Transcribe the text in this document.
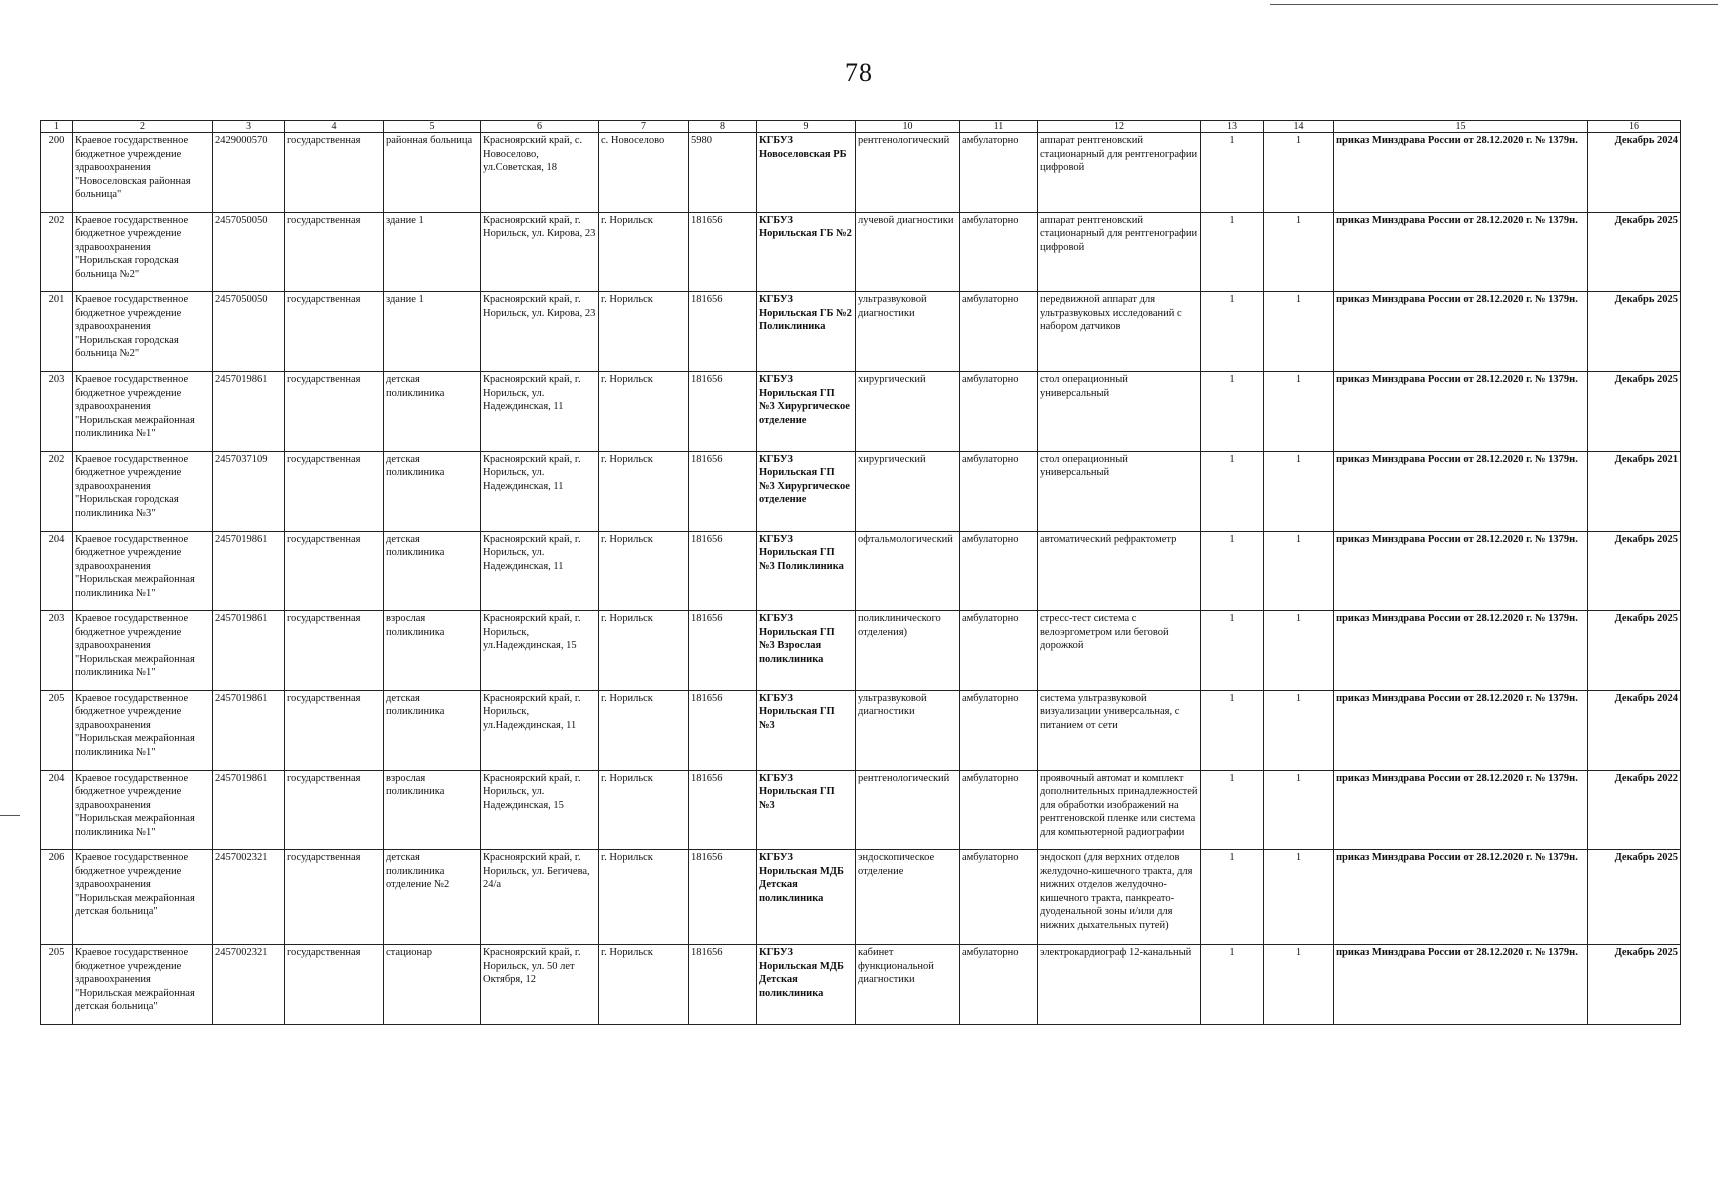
78
1	2	3	4	5	6	7	8	9	10	11	12	13	14	15	16
200	Краевое государственное бюджетное учреждение здравоохранения "Новоселовская районная больница"	2429000570	государственная	районная больница	Красноярский край, с. Новоселово, ул.Советская, 18	с. Новоселово	5980	КГБУЗ Новоселовская РБ	рентгенологический	амбулаторно	аппарат рентгеновский стационарный для рентгенографии цифровой	1	1	приказ Минздрава России от 28.12.2020 г. № 1379н.	Декабрь 2024
202	Краевое государственное бюджетное учреждение здравоохранения "Норильская городская больница №2"	2457050050	государственная	здание 1	Красноярский край, г. Норильск, ул. Кирова, 23	г. Норильск	181656	КГБУЗ Норильская ГБ №2	лучевой диагностики	амбулаторно	аппарат рентгеновский стационарный для рентгенографии цифровой	1	1	приказ Минздрава России от 28.12.2020 г. № 1379н.	Декабрь 2025
201	Краевое государственное бюджетное учреждение здравоохранения "Норильская городская больница №2"	2457050050	государственная	здание 1	Красноярский край, г. Норильск, ул. Кирова, 23	г. Норильск	181656	КГБУЗ Норильская ГБ №2 Поликлиника	ультразвуковой диагностики	амбулаторно	передвижной аппарат для ультразвуковых исследований с набором датчиков	1	1	приказ Минздрава России от 28.12.2020 г. № 1379н.	Декабрь 2025
203	Краевое государственное бюджетное учреждение здравоохранения "Норильская межрайонная поликлиника №1"	2457019861	государственная	детская поликлиника	Красноярский край, г. Норильск, ул. Надеждинская, 11	г. Норильск	181656	КГБУЗ Норильская ГП №3 Хирургическое отделение	хирургический	амбулаторно	стол операционный универсальный	1	1	приказ Минздрава России от 28.12.2020 г. № 1379н.	Декабрь 2025
202	Краевое государственное бюджетное учреждение здравоохранения "Норильская городская поликлиника №3"	2457037109	государственная	детская поликлиника	Красноярский край, г. Норильск, ул. Надеждинская, 11	г. Норильск	181656	КГБУЗ Норильская ГП №3 Хирургическое отделение	хирургический	амбулаторно	стол операционный универсальный	1	1	приказ Минздрава России от 28.12.2020 г. № 1379н.	Декабрь 2021
204	Краевое государственное бюджетное учреждение здравоохранения "Норильская межрайонная поликлиника №1"	2457019861	государственная	детская поликлиника	Красноярский край, г. Норильск, ул. Надеждинская, 11	г. Норильск	181656	КГБУЗ Норильская ГП №3 Поликлиника	офтальмологический	амбулаторно	автоматический рефрактометр	1	1	приказ Минздрава России от 28.12.2020 г. № 1379н.	Декабрь 2025
203	Краевое государственное бюджетное учреждение здравоохранения "Норильская межрайонная поликлиника №1"	2457019861	государственная	взрослая поликлиника	Красноярский край, г. Норильск, ул.Надеждинская, 15	г. Норильск	181656	КГБУЗ Норильская ГП №3 Взрослая поликлиника	поликлинического отделения)	амбулаторно	стресс-тест система с велоэргометром или беговой дорожкой	1	1	приказ Минздрава России от 28.12.2020 г. № 1379н.	Декабрь 2025
205	Краевое государственное бюджетное учреждение здравоохранения "Норильская межрайонная поликлиника №1"	2457019861	государственная	детская поликлиника	Красноярский край, г. Норильск, ул.Надеждинская, 11	г. Норильск	181656	КГБУЗ Норильская ГП №3	ультразвуковой диагностики	амбулаторно	система ультразвуковой визуализации универсальная, с питанием от сети	1	1	приказ Минздрава России от 28.12.2020 г. № 1379н.	Декабрь 2024
204	Краевое государственное бюджетное учреждение здравоохранения "Норильская межрайонная поликлиника №1"	2457019861	государственная	взрослая поликлиника	Красноярский край, г. Норильск, ул. Надеждинская, 15	г. Норильск	181656	КГБУЗ Норильская ГП №3	рентгенологический	амбулаторно	проявочный автомат и комплект дополнительных принадлежностей для обработки изображений на рентгеновской пленке или система для компьютерной радиографии	1	1	приказ Минздрава России от 28.12.2020 г. № 1379н.	Декабрь 2022
206	Краевое государственное бюджетное учреждение здравоохранения "Норильская межрайонная детская больница"	2457002321	государственная	детская поликлиника отделение №2	Красноярский край, г. Норильск, ул. Бегичева, 24/а	г. Норильск	181656	КГБУЗ Норильская МДБ Детская поликлиника	эндоскопическое отделение	амбулаторно	эндоскоп (для верхних отделов желудочно-кишечного тракта, для нижних отделов желудочно-кишечного тракта, панкреато-дуоденальной зоны и/или для нижних дыхательных путей)	1	1	приказ Минздрава России от 28.12.2020 г. № 1379н.	Декабрь 2025
205	Краевое государственное бюджетное учреждение здравоохранения "Норильская межрайонная детская больница"	2457002321	государственная	стационар	Красноярский край, г. Норильск, ул. 50 лет Октября, 12	г. Норильск	181656	КГБУЗ Норильская МДБ Детская поликлиника	кабинет функциональной диагностики	амбулаторно	электрокардиограф 12-канальный	1	1	приказ Минздрава России от 28.12.2020 г. № 1379н.	Декабрь 2025
